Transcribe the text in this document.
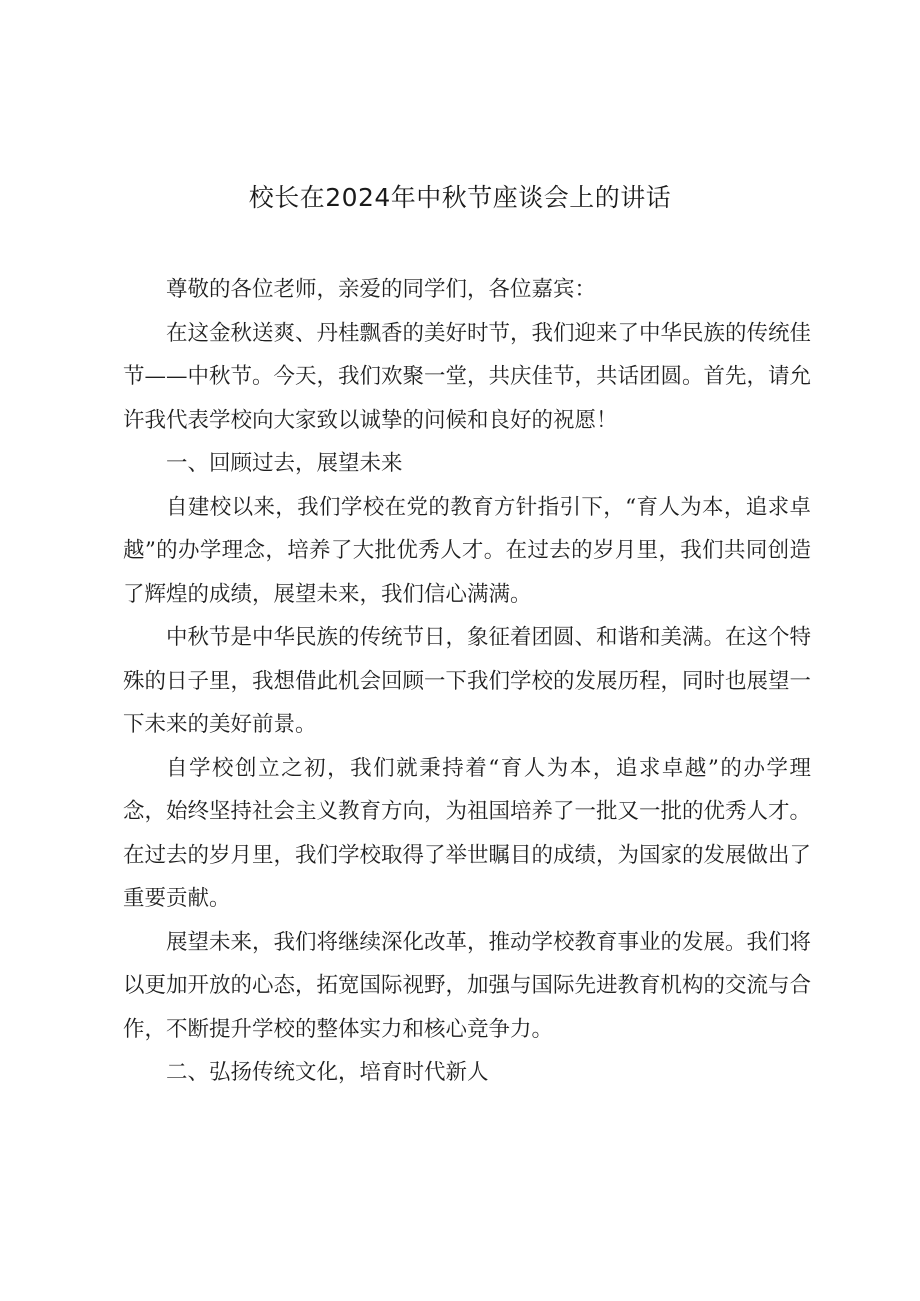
校长在2024年中秋节座谈会上的讲话

尊敬的各位老师，亲爱的同学们，各位嘉宾：

在这金秋送爽、丹桂飘香的美好时节，我们迎来了中华民族的传统佳节——中秋节。今天，我们欢聚一堂，共庆佳节，共话团圆。首先，请允许我代表学校向大家致以诚挚的问候和良好的祝愿！

一、回顾过去，展望未来

自建校以来，我们学校在党的教育方针指引下，“育人为本，追求卓越”的办学理念，培养了大批优秀人才。在过去的岁月里，我们共同创造了辉煌的成绩，展望未来，我们信心满满。

中秋节是中华民族的传统节日，象征着团圆、和谐和美满。在这个特殊的日子里，我想借此机会回顾一下我们学校的发展历程，同时也展望一下未来的美好前景。

自学校创立之初，我们就秉持着“育人为本，追求卓越”的办学理念，始终坚持社会主义教育方向，为祖国培养了一批又一批的优秀人才。在过去的岁月里，我们学校取得了举世瞩目的成绩，为国家的发展做出了重要贡献。

展望未来，我们将继续深化改革，推动学校教育事业的发展。我们将以更加开放的心态，拓宽国际视野，加强与国际先进教育机构的交流与合作，不断提升学校的整体实力和核心竞争力。

二、弘扬传统文化，培育时代新人
